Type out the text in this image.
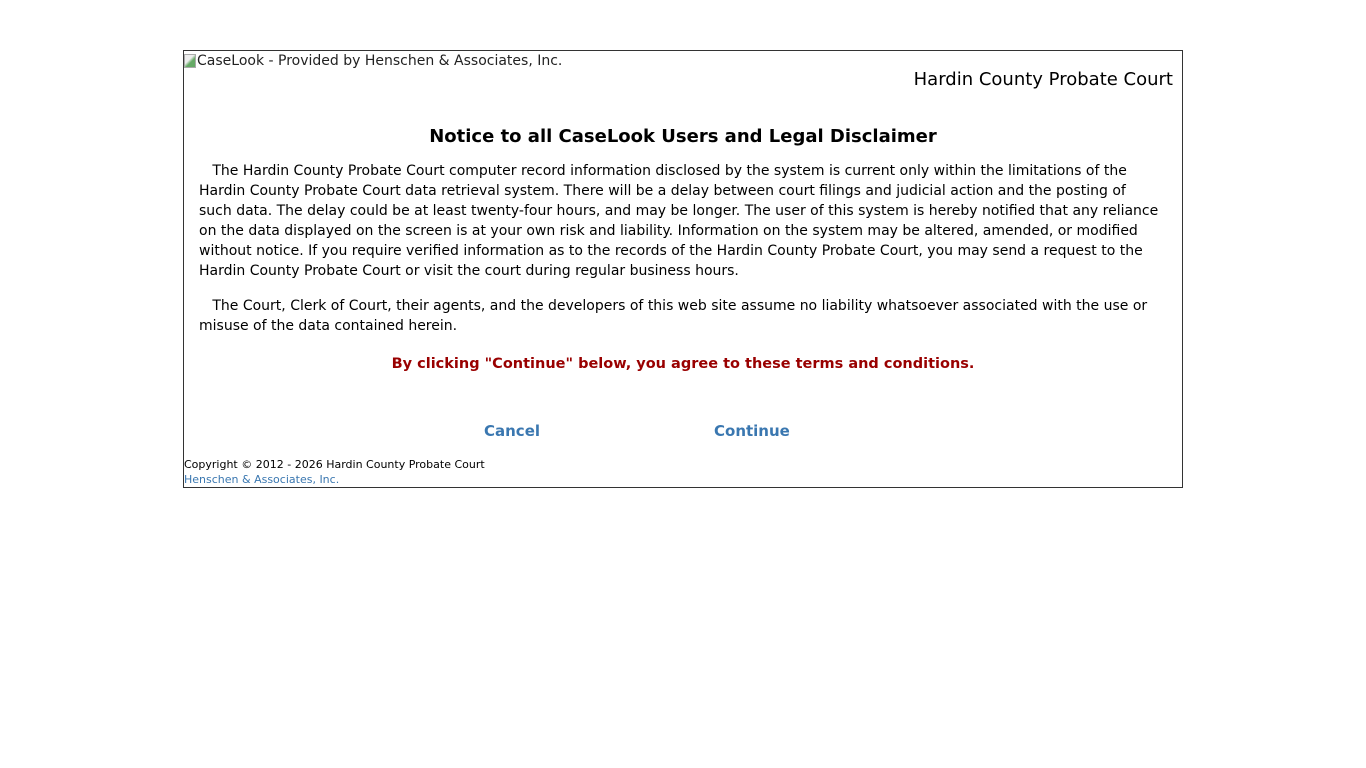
CaseLook - Provided by Henschen & Associates, Inc.
Hardin County Probate Court
Notice to all CaseLook Users and Legal Disclaimer
The Hardin County Probate Court computer record information disclosed by the system is current only within the limitations of the
Hardin County Probate Court data retrieval system. There will be a delay between court filings and judicial action and the posting of
such data. The delay could be at least twenty-four hours, and may be longer. The user of this system is hereby notified that any reliance
on the data displayed on the screen is at your own risk and liability. Information on the system may be altered, amended, or modified
without notice. If you require verified information as to the records of the Hardin County Probate Court, you may send a request to the
Hardin County Probate Court or visit the court during regular business hours.
The Court, Clerk of Court, their agents, and the developers of this web site assume no liability whatsoever associated with the use or
misuse of the data contained herein.
By clicking "Continue" below, you agree to these terms and conditions.
Cancel	Continue
Copyright © 2012 - 2026 Hardin County Probate Court
Henschen & Associates, Inc.
